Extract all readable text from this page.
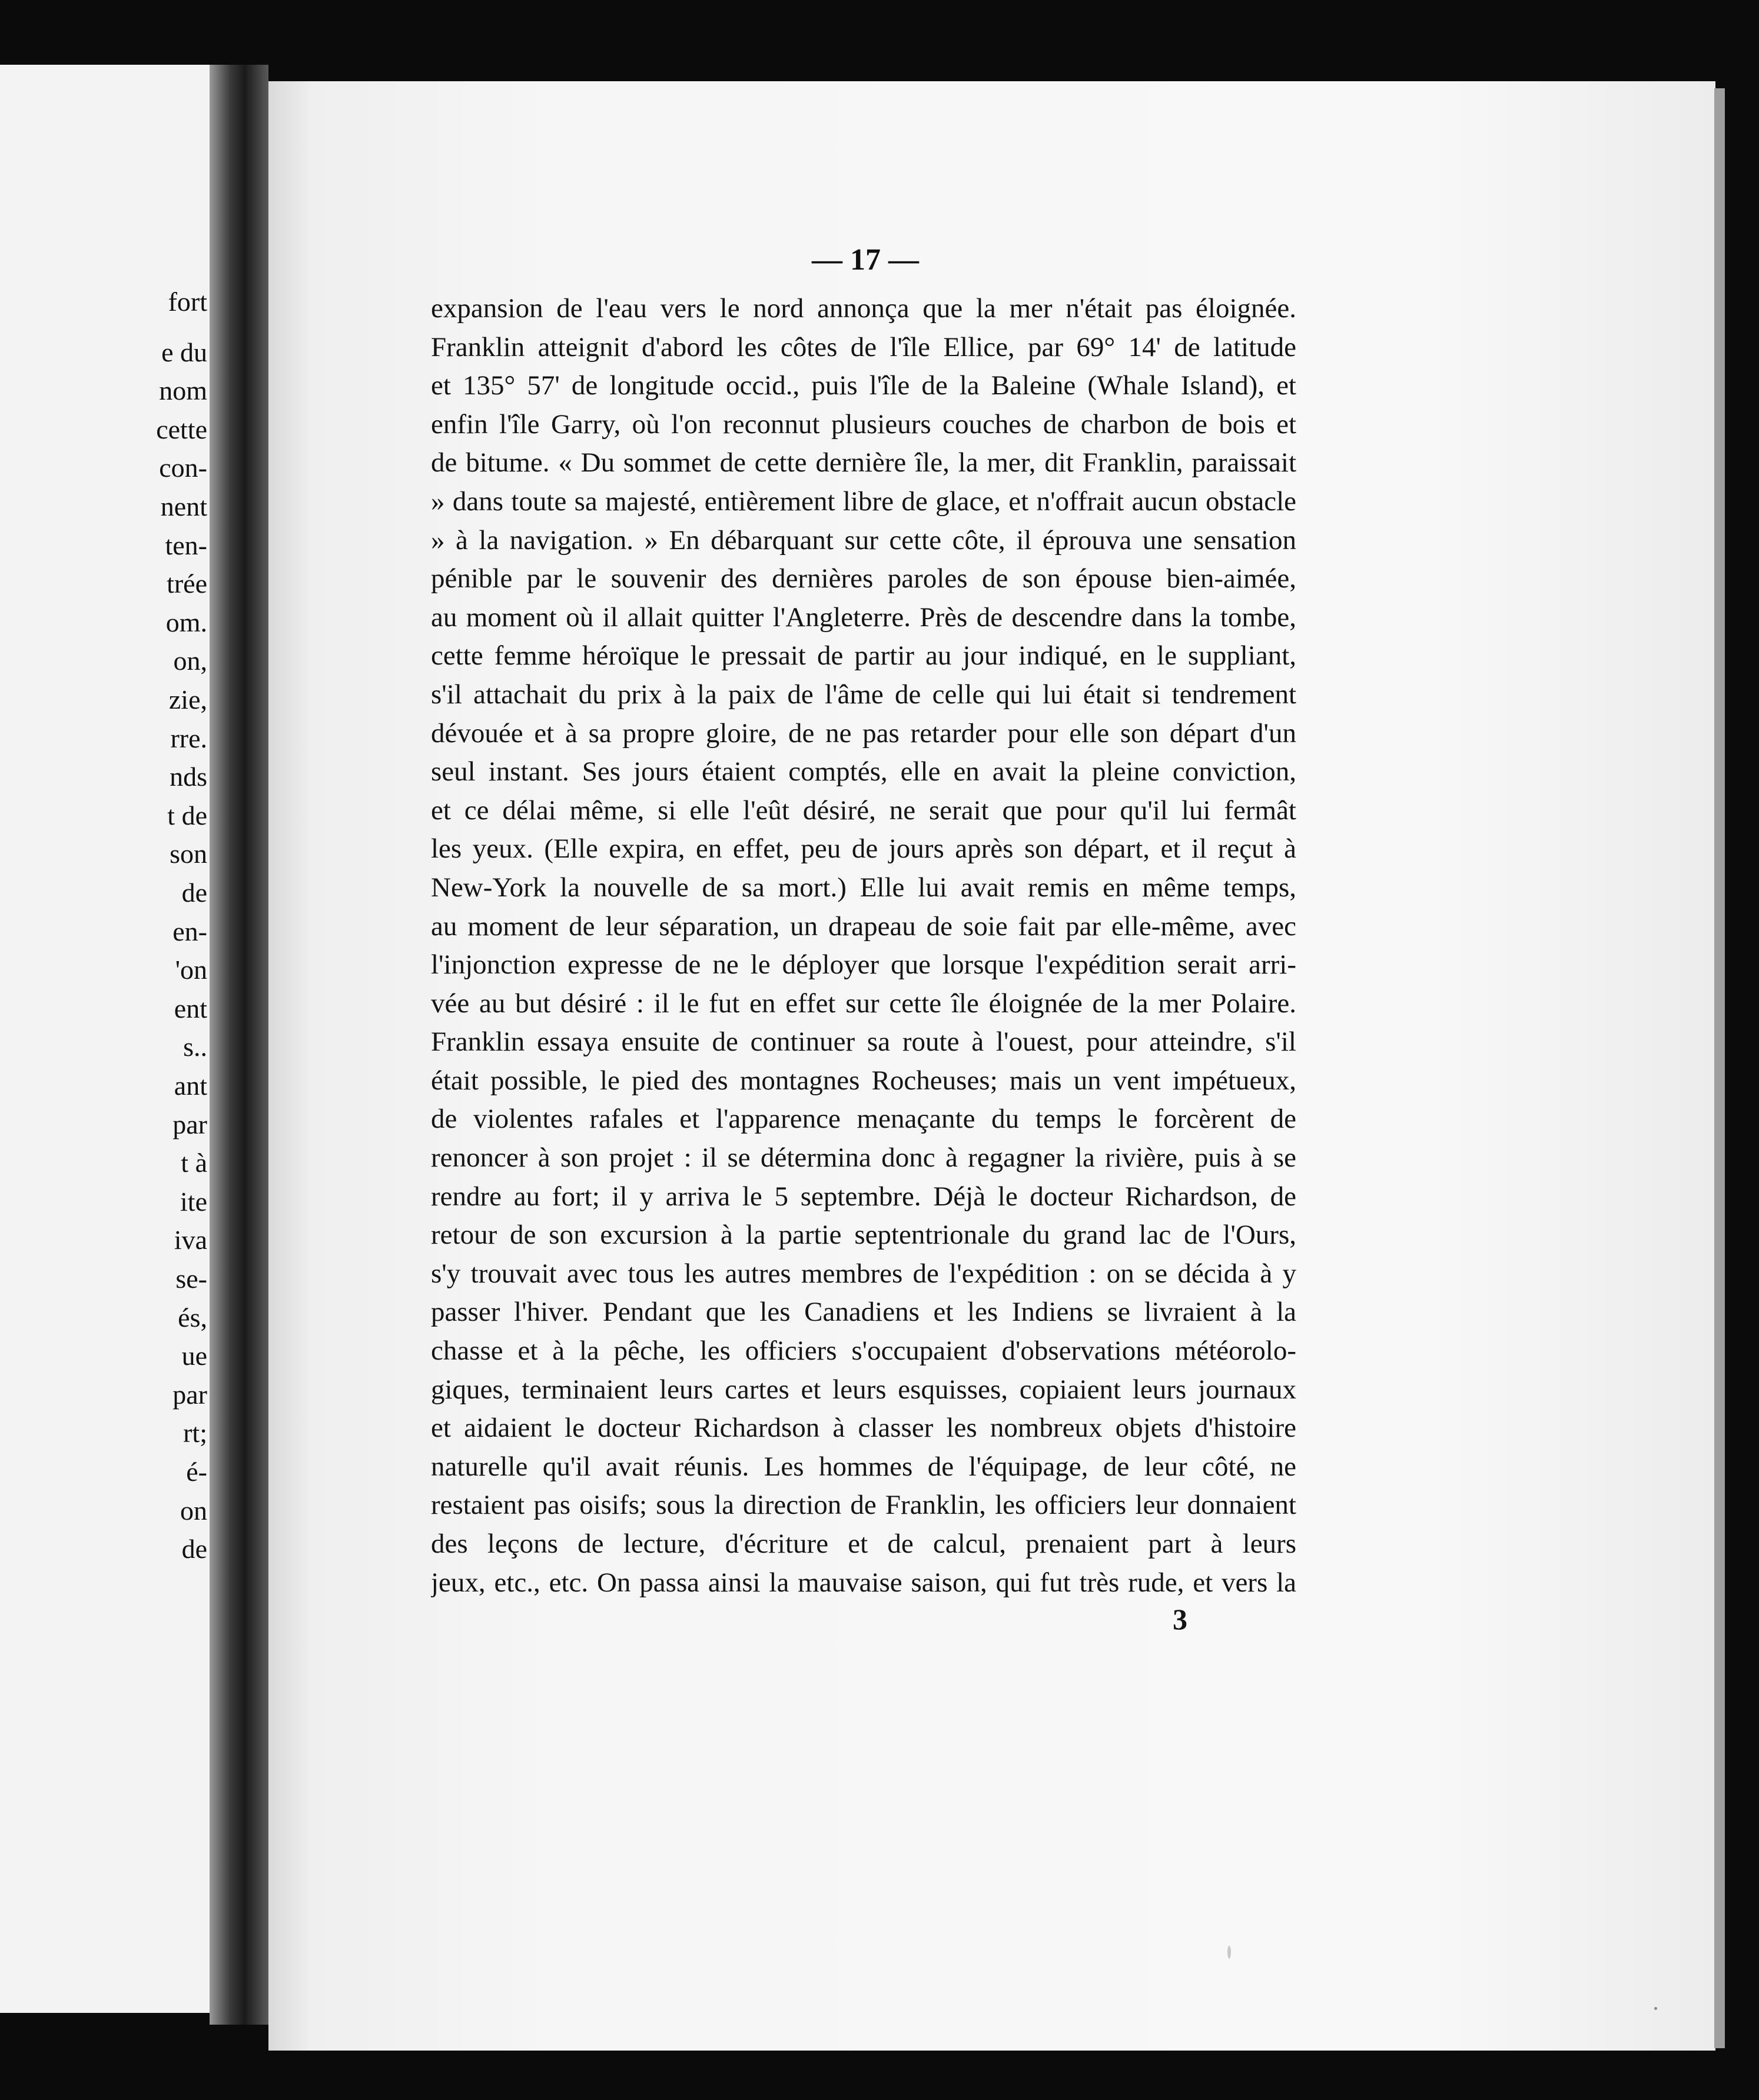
fort
e du
nom
cette
con-
nent
ten-
trée
om.
on,
zie,
rre.
nds
t de
son
de
en-
'on
ent
s..
ant
par
t à
ite
iva
se-
és,
ue
par
rt;
é-
on
de
— 17 —
expansion de l'eau vers le nord annonça que la mer n'était pas éloignée.
Franklin atteignit d'abord les côtes de l'île Ellice, par 69° 14' de latitude
et 135° 57' de longitude occid., puis l'île de la Baleine (Whale Island), et
enfin l'île Garry, où l'on reconnut plusieurs couches de charbon de bois et
de bitume. « Du sommet de cette dernière île, la mer, dit Franklin, paraissait
» dans toute sa majesté, entièrement libre de glace, et n'offrait aucun obstacle
» à la navigation. » En débarquant sur cette côte, il éprouva une sensation
pénible par le souvenir des dernières paroles de son épouse bien-aimée,
au moment où il allait quitter l'Angleterre. Près de descendre dans la tombe,
cette femme héroïque le pressait de partir au jour indiqué, en le suppliant,
s'il attachait du prix à la paix de l'âme de celle qui lui était si tendrement
dévouée et à sa propre gloire, de ne pas retarder pour elle son départ d'un
seul instant. Ses jours étaient comptés, elle en avait la pleine conviction,
et ce délai même, si elle l'eût désiré, ne serait que pour qu'il lui fermât
les yeux. (Elle expira, en effet, peu de jours après son départ, et il reçut à
New-York la nouvelle de sa mort.) Elle lui avait remis en même temps,
au moment de leur séparation, un drapeau de soie fait par elle-même, avec
l'injonction expresse de ne le déployer que lorsque l'expédition serait arri-
vée au but désiré : il le fut en effet sur cette île éloignée de la mer Polaire.
Franklin essaya ensuite de continuer sa route à l'ouest, pour atteindre, s'il
était possible, le pied des montagnes Rocheuses; mais un vent impétueux,
de violentes rafales et l'apparence menaçante du temps le forcèrent de
renoncer à son projet : il se détermina donc à regagner la rivière, puis à se
rendre au fort; il y arriva le 5 septembre. Déjà le docteur Richardson, de
retour de son excursion à la partie septentrionale du grand lac de l'Ours,
s'y trouvait avec tous les autres membres de l'expédition : on se décida à y
passer l'hiver. Pendant que les Canadiens et les Indiens se livraient à la
chasse et à la pêche, les officiers s'occupaient d'observations météorolo-
giques, terminaient leurs cartes et leurs esquisses, copiaient leurs journaux
et aidaient le docteur Richardson à classer les nombreux objets d'histoire
naturelle qu'il avait réunis. Les hommes de l'équipage, de leur côté, ne
restaient pas oisifs; sous la direction de Franklin, les officiers leur donnaient
des leçons de lecture, d'écriture et de calcul, prenaient part à leurs
jeux, etc., etc. On passa ainsi la mauvaise saison, qui fut très rude, et vers la
3
